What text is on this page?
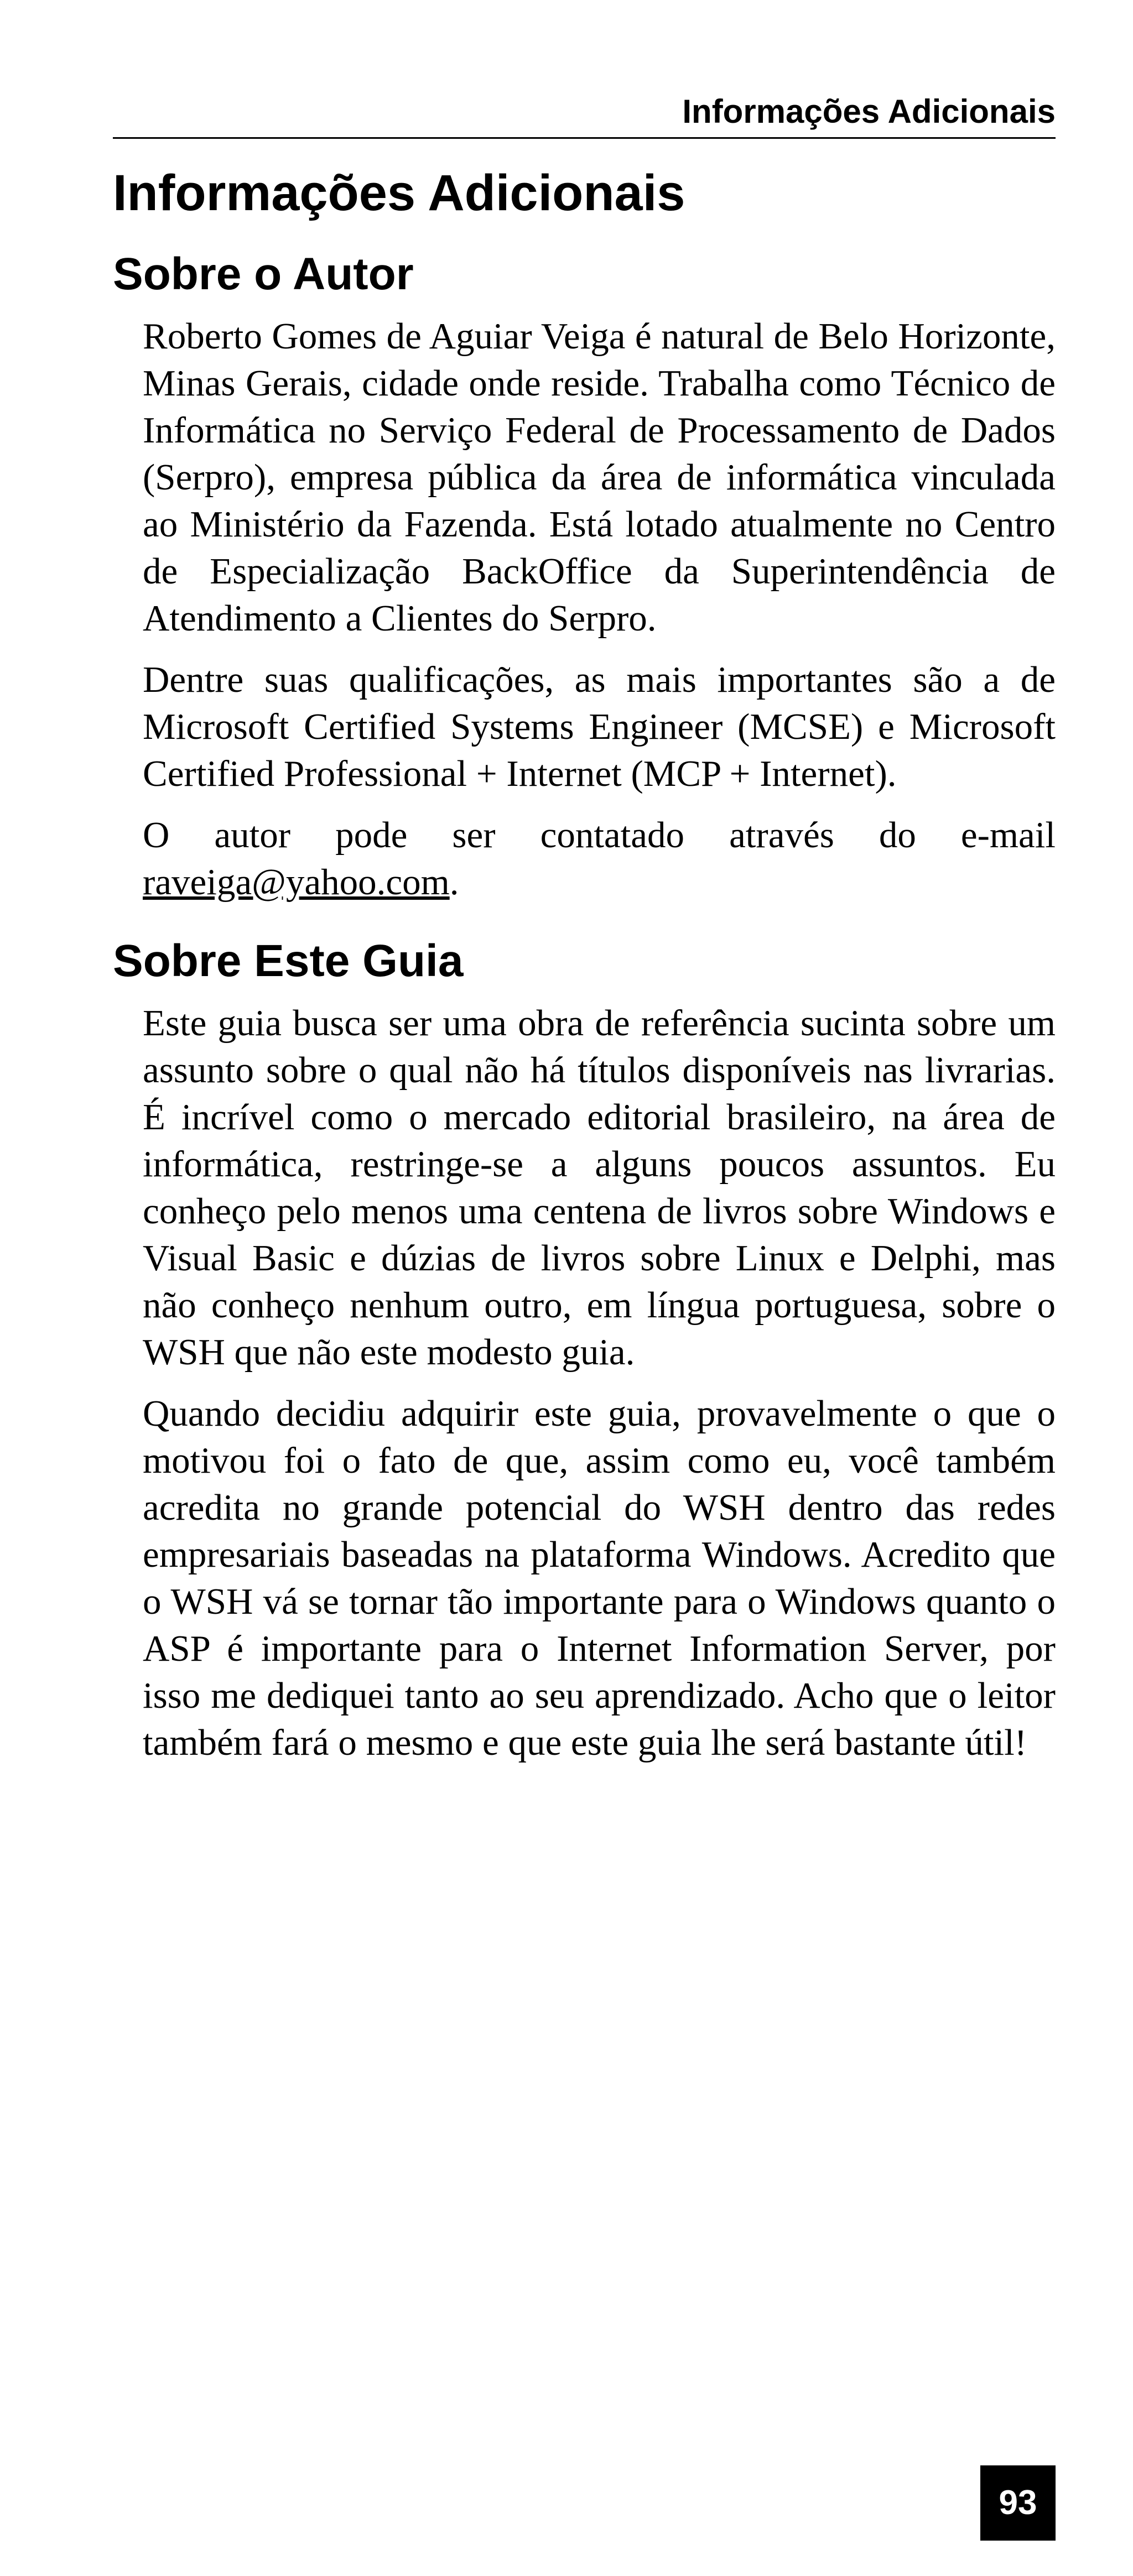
Informações Adicionais
Informações Adicionais
Sobre o Autor

Roberto Gomes de Aguiar Veiga é natural de Belo Horizonte, Minas Gerais, cidade onde reside. Trabalha como Técnico de Informática no Serviço Federal de Processamento de Dados (Serpro), empresa pública da área de informática vinculada ao Ministério da Fazenda. Está lotado atualmente no Centro de Especialização BackOffice da Superintendência de Atendimento a Clientes do Serpro.

Dentre suas qualificações, as mais importantes são a de Microsoft Certified Systems Engineer (MCSE) e Microsoft Certified Professional + Internet (MCP + Internet).

O autor pode ser contatado através do e-mail raveiga@yahoo.com.

Sobre Este Guia

Este guia busca ser uma obra de referência sucinta sobre um assunto sobre o qual não há títulos disponíveis nas livrarias. É incrível como o mercado editorial brasileiro, na área de informática, restringe-se a alguns poucos assuntos. Eu conheço pelo menos uma centena de livros sobre Windows e Visual Basic e dúzias de livros sobre Linux e Delphi, mas não conheço nenhum outro, em língua portuguesa, sobre o WSH que não este modesto guia.

Quando decidiu adquirir este guia, provavelmente o que o motivou foi o fato de que, assim como eu, você também acredita no grande potencial do WSH dentro das redes empresariais baseadas na plataforma Windows. Acredito que o WSH vá se tornar tão importante para o Windows quanto o ASP é importante para o Internet Information Server, por isso me dediquei tanto ao seu aprendizado. Acho que o leitor também fará o mesmo e que este guia lhe será bastante útil!

93
